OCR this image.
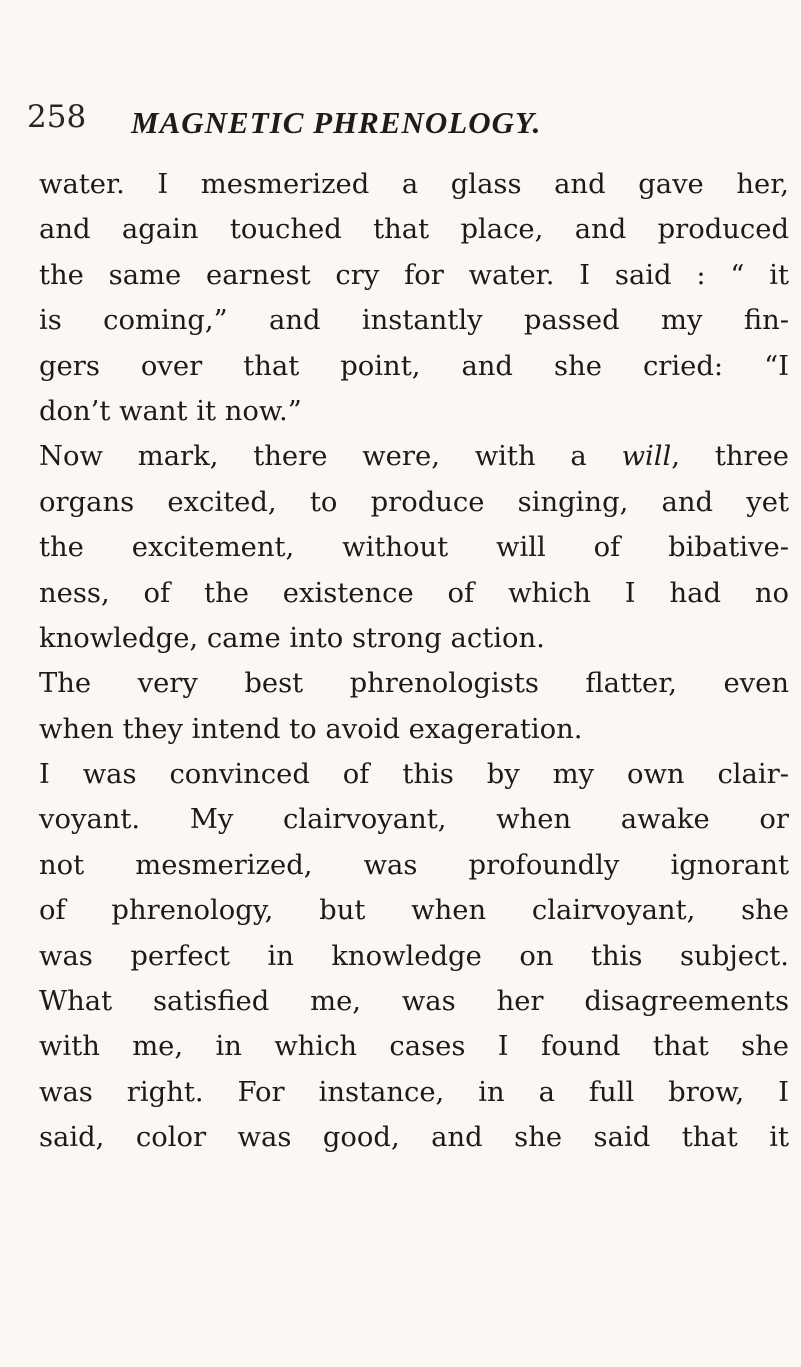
258 MAGNETIC PHRENOLOGY.
water. I mesmerized a glass and gave her,
and again touched that place, and produced
the same earnest cry for water. I said : “ it
is coming,” and instantly passed my fin-
gers over that point, and she cried: “I
don’t want it now.”
Now mark, there were, with a will, three
organs excited, to produce singing, and yet
the excitement, without will of bibative-
ness, of the existence of which I had no
knowledge, came into strong action.
The very best phrenologists flatter, even
when they intend to avoid exageration.
I was convinced of this by my own clair-
voyant. My clairvoyant, when awake or
not mesmerized, was profoundly ignorant
of phrenology, but when clairvoyant, she
was perfect in knowledge on this subject.
What satisfied me, was her disagreements
with me, in which cases I found that she
was right. For instance, in a full brow, I
said, color was good, and she said that it
